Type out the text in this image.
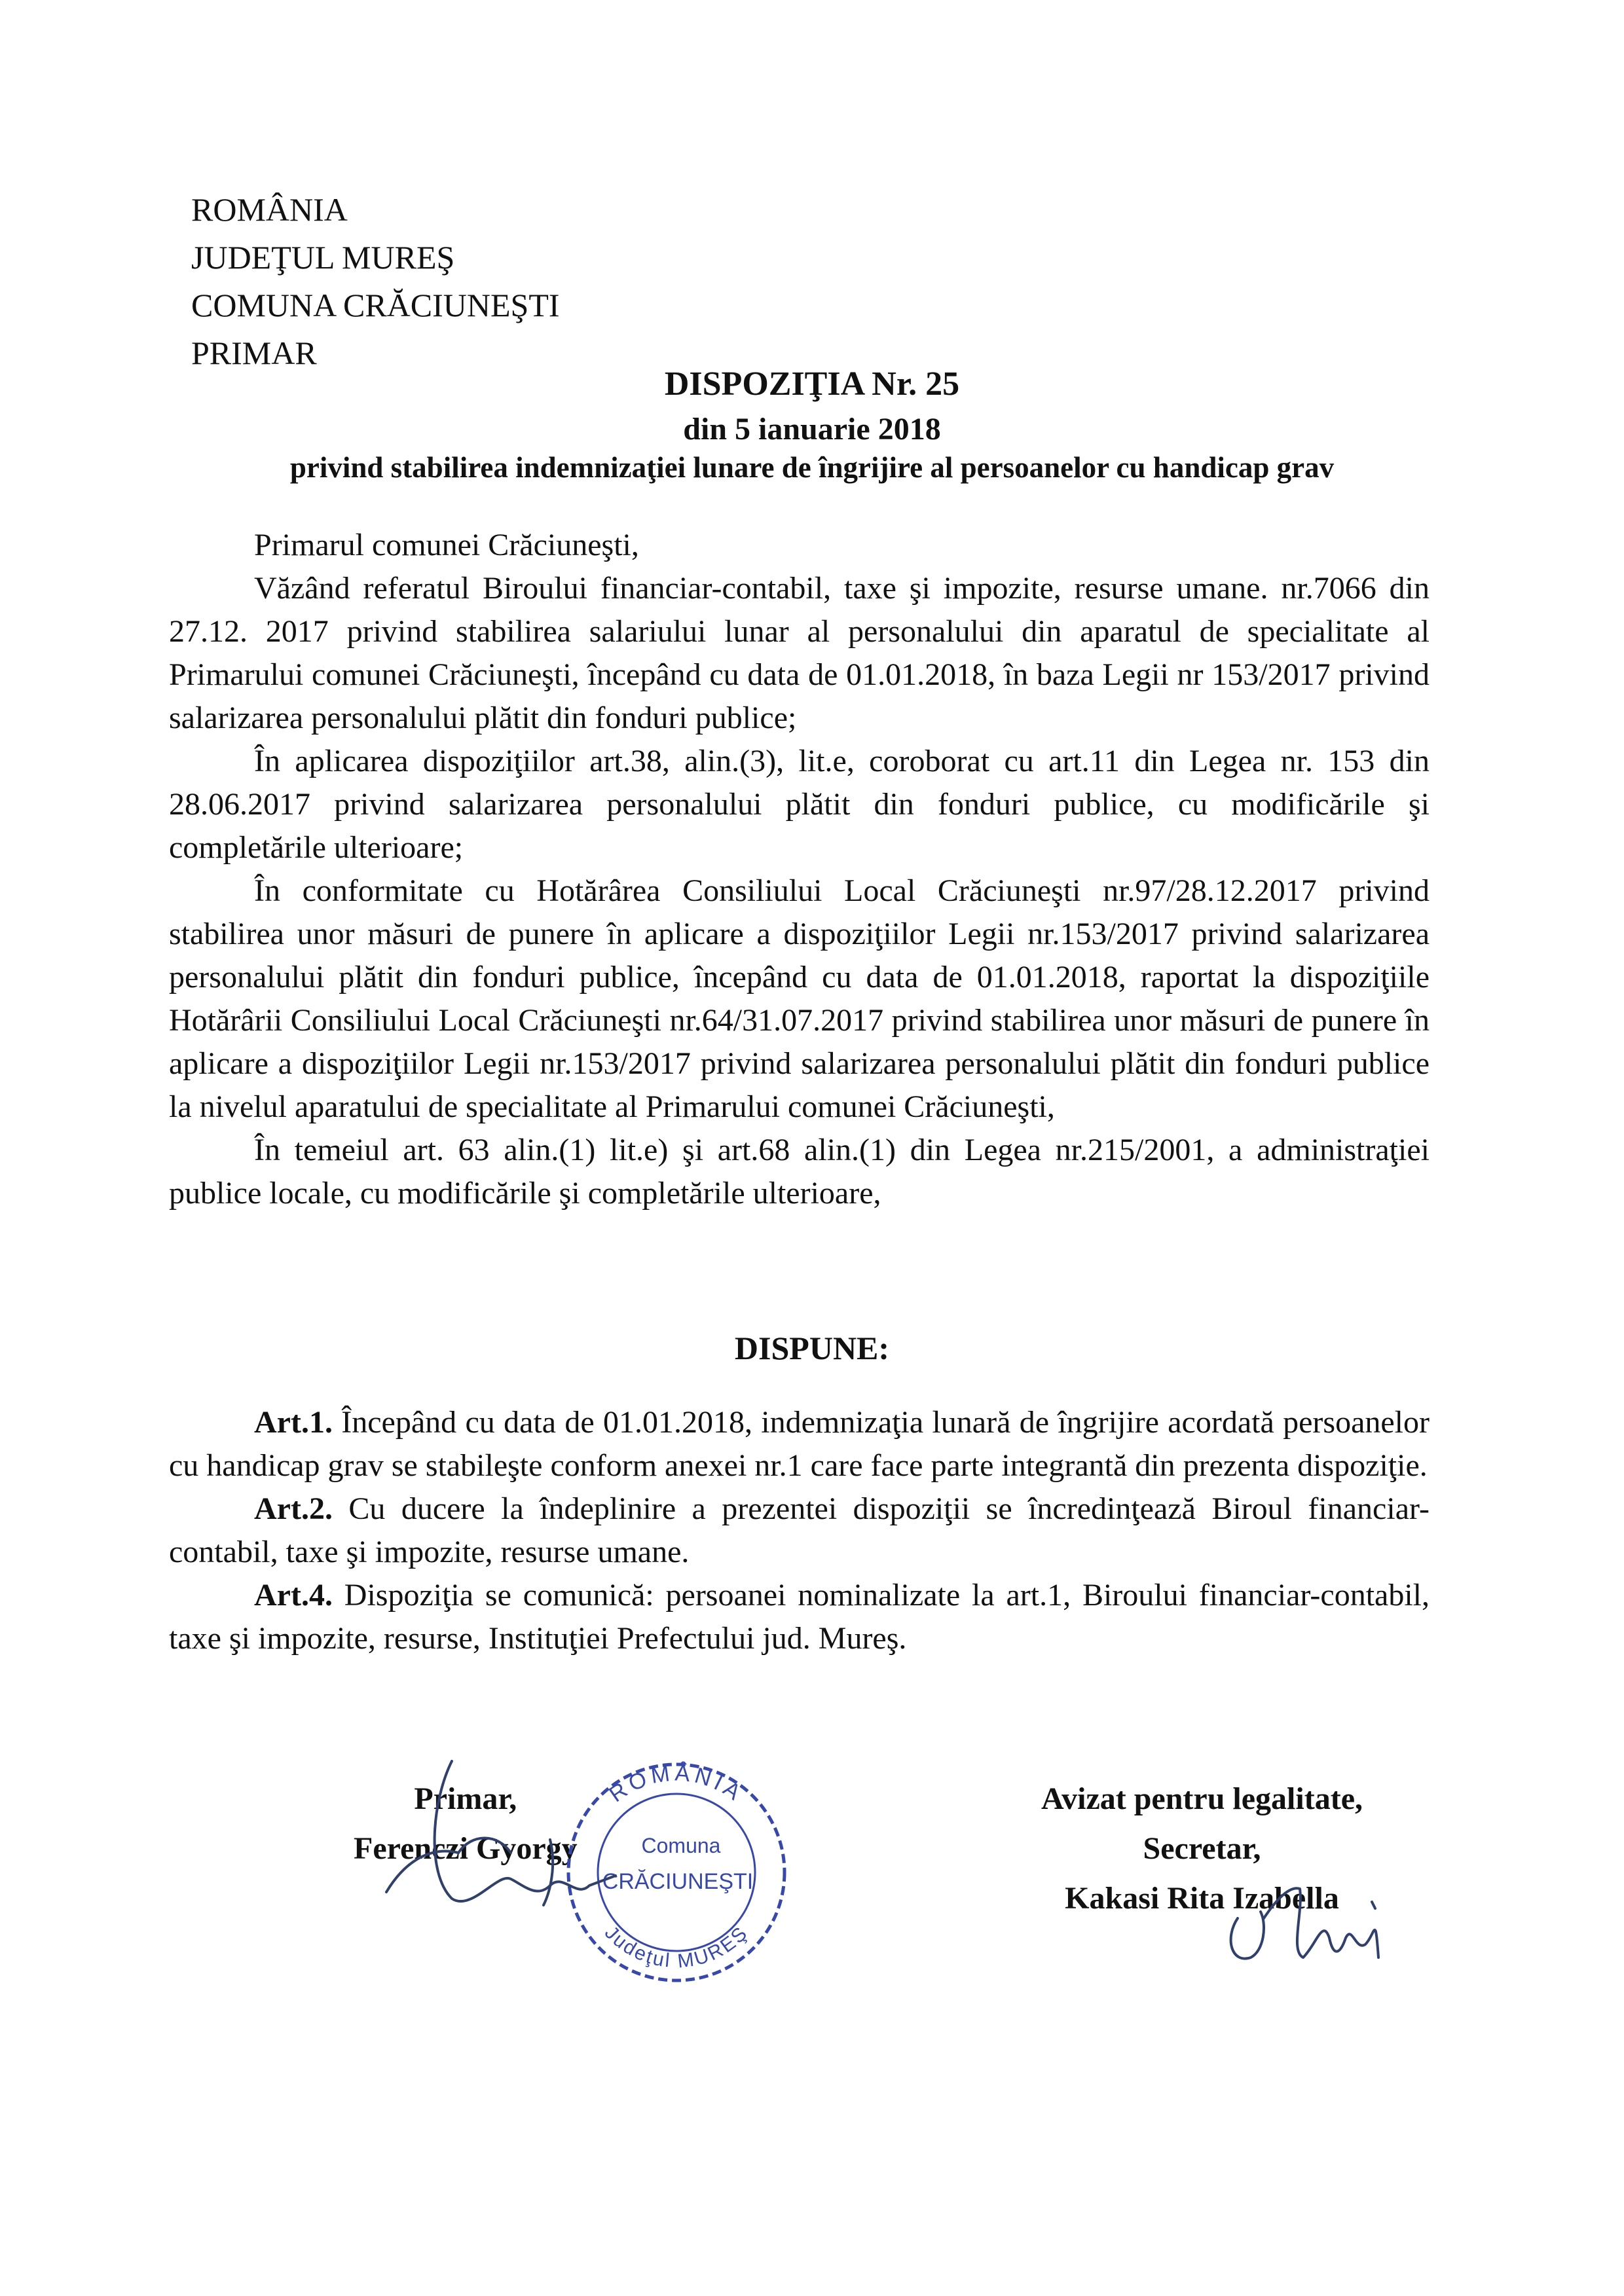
ROMÂNIA
JUDEŢUL MUREŞ
COMUNA CRĂCIUNEŞTI
PRIMAR
DISPOZIŢIA Nr. 25
din 5 ianuarie 2018
privind stabilirea indemnizaţiei lunare de îngrijire al persoanelor cu handicap grav

Primarul comunei Crăciuneşti,

Văzând referatul Biroului financiar-contabil, taxe şi impozite, resurse umane. nr.7066 din 27.12. 2017 privind stabilirea salariului lunar al personalului din aparatul de specialitate al Primarului comunei Crăciuneşti, începând cu data de 01.01.2018, în baza Legii nr 153/2017 privind salarizarea personalului plătit din fonduri publice;

În aplicarea dispoziţiilor art.38, alin.(3), lit.e, coroborat cu art.11 din Legea nr. 153 din 28.06.2017 privind salarizarea personalului plătit din fonduri publice, cu modificările şi completările ulterioare;

În conformitate cu Hotărârea Consiliului Local Crăciuneşti nr.97/28.12.2017 privind stabilirea unor măsuri de punere în aplicare a dispoziţiilor Legii nr.153/2017 privind salarizarea personalului plătit din fonduri publice, începând cu data de 01.01.2018, raportat la dispoziţiile Hotărârii Consiliului Local Crăciuneşti nr.64/31.07.2017 privind stabilirea unor măsuri de punere în aplicare a dispoziţiilor Legii nr.153/2017 privind salarizarea personalului plătit din fonduri publice la nivelul aparatului de specialitate al Primarului comunei Crăciuneşti,

În temeiul art. 63 alin.(1) lit.e) şi art.68 alin.(1) din Legea nr.215/2001, a administraţiei publice locale, cu modificările şi completările ulterioare,

DISPUNE:

Art.1. Începând cu data de 01.01.2018, indemnizaţia lunară de îngrijire acordată persoanelor cu handicap grav se stabileşte conform anexei nr.1 care face parte integrantă din prezenta dispoziţie.

Art.2. Cu ducere la îndeplinire a prezentei dispoziţii se încredinţează Biroul financiar-contabil, taxe şi impozite, resurse umane.

Art.4. Dispoziţia se comunică: persoanei nominalizate la art.1, Biroului financiar-contabil, taxe şi impozite, resurse, Instituţiei Prefectului jud. Mureş.

Primar,
Ferenczi Gyorgy
Avizat pentru legalitate,
Secretar,
Kakasi Rita Izabella
ROMÂNIA
Comuna
CRĂCIUNEŞTI
Judeţul MUREŞ
